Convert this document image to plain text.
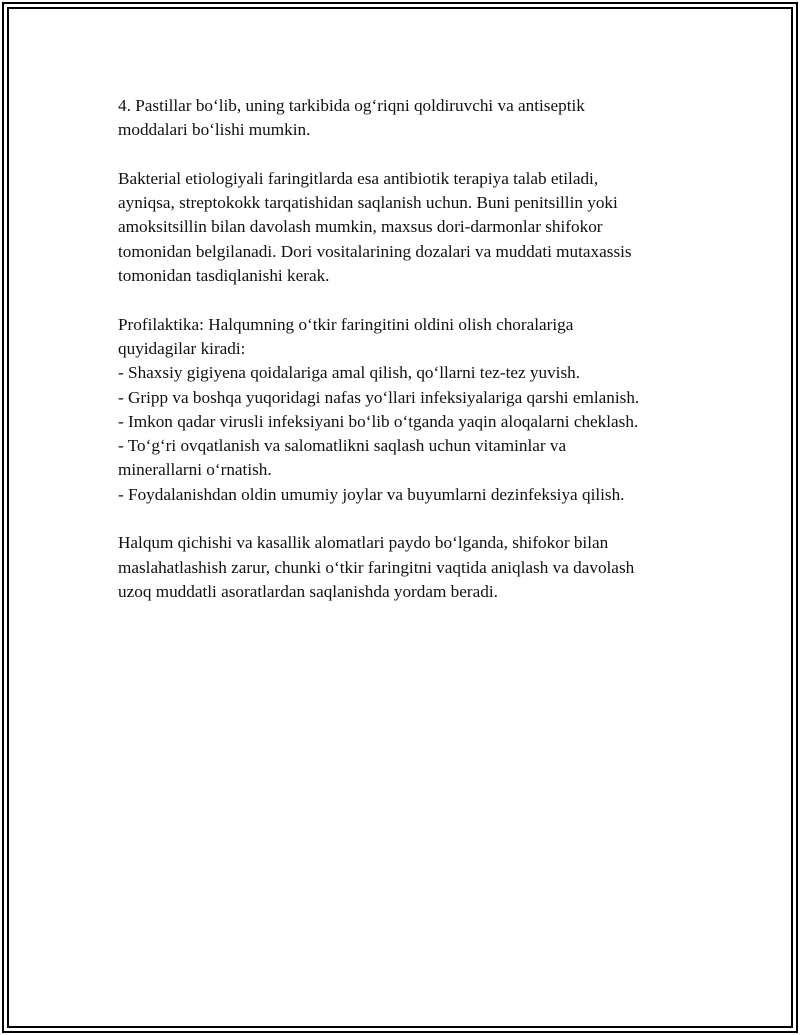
4. Pastillar bo‘lib, uning tarkibida og‘riqni qoldiruvchi va antiseptik
moddalari bo‘lishi mumkin.

Bakterial etiologiyali faringitlarda esa antibiotik terapiya talab etiladi,
ayniqsa, streptokokk tarqatishidan saqlanish uchun. Buni penitsillin yoki
amoksitsillin bilan davolash mumkin, maxsus dori-darmonlar shifokor
tomonidan belgilanadi. Dori vositalarining dozalari va muddati mutaxassis
tomonidan tasdiqlanishi kerak.

Profilaktika: Halqumning o‘tkir faringitini oldini olish choralariga
quyidagilar kiradi:
- Shaxsiy gigiyena qoidalariga amal qilish, qo‘llarni tez-tez yuvish.
- Gripp va boshqa yuqoridagi nafas yo‘llari infeksiyalariga qarshi emlanish.
- Imkon qadar virusli infeksiyani bo‘lib o‘tganda yaqin aloqalarni cheklash.
- To‘g‘ri ovqatlanish va salomatlikni saqlash uchun vitaminlar va
minerallarni o‘rnatish.
- Foydalanishdan oldin umumiy joylar va buyumlarni dezinfeksiya qilish.

Halqum qichishi va kasallik alomatlari paydo bo‘lganda, shifokor bilan
maslahatlashish zarur, chunki o‘tkir faringitni vaqtida aniqlash va davolash
uzoq muddatli asoratlardan saqlanishda yordam beradi.
